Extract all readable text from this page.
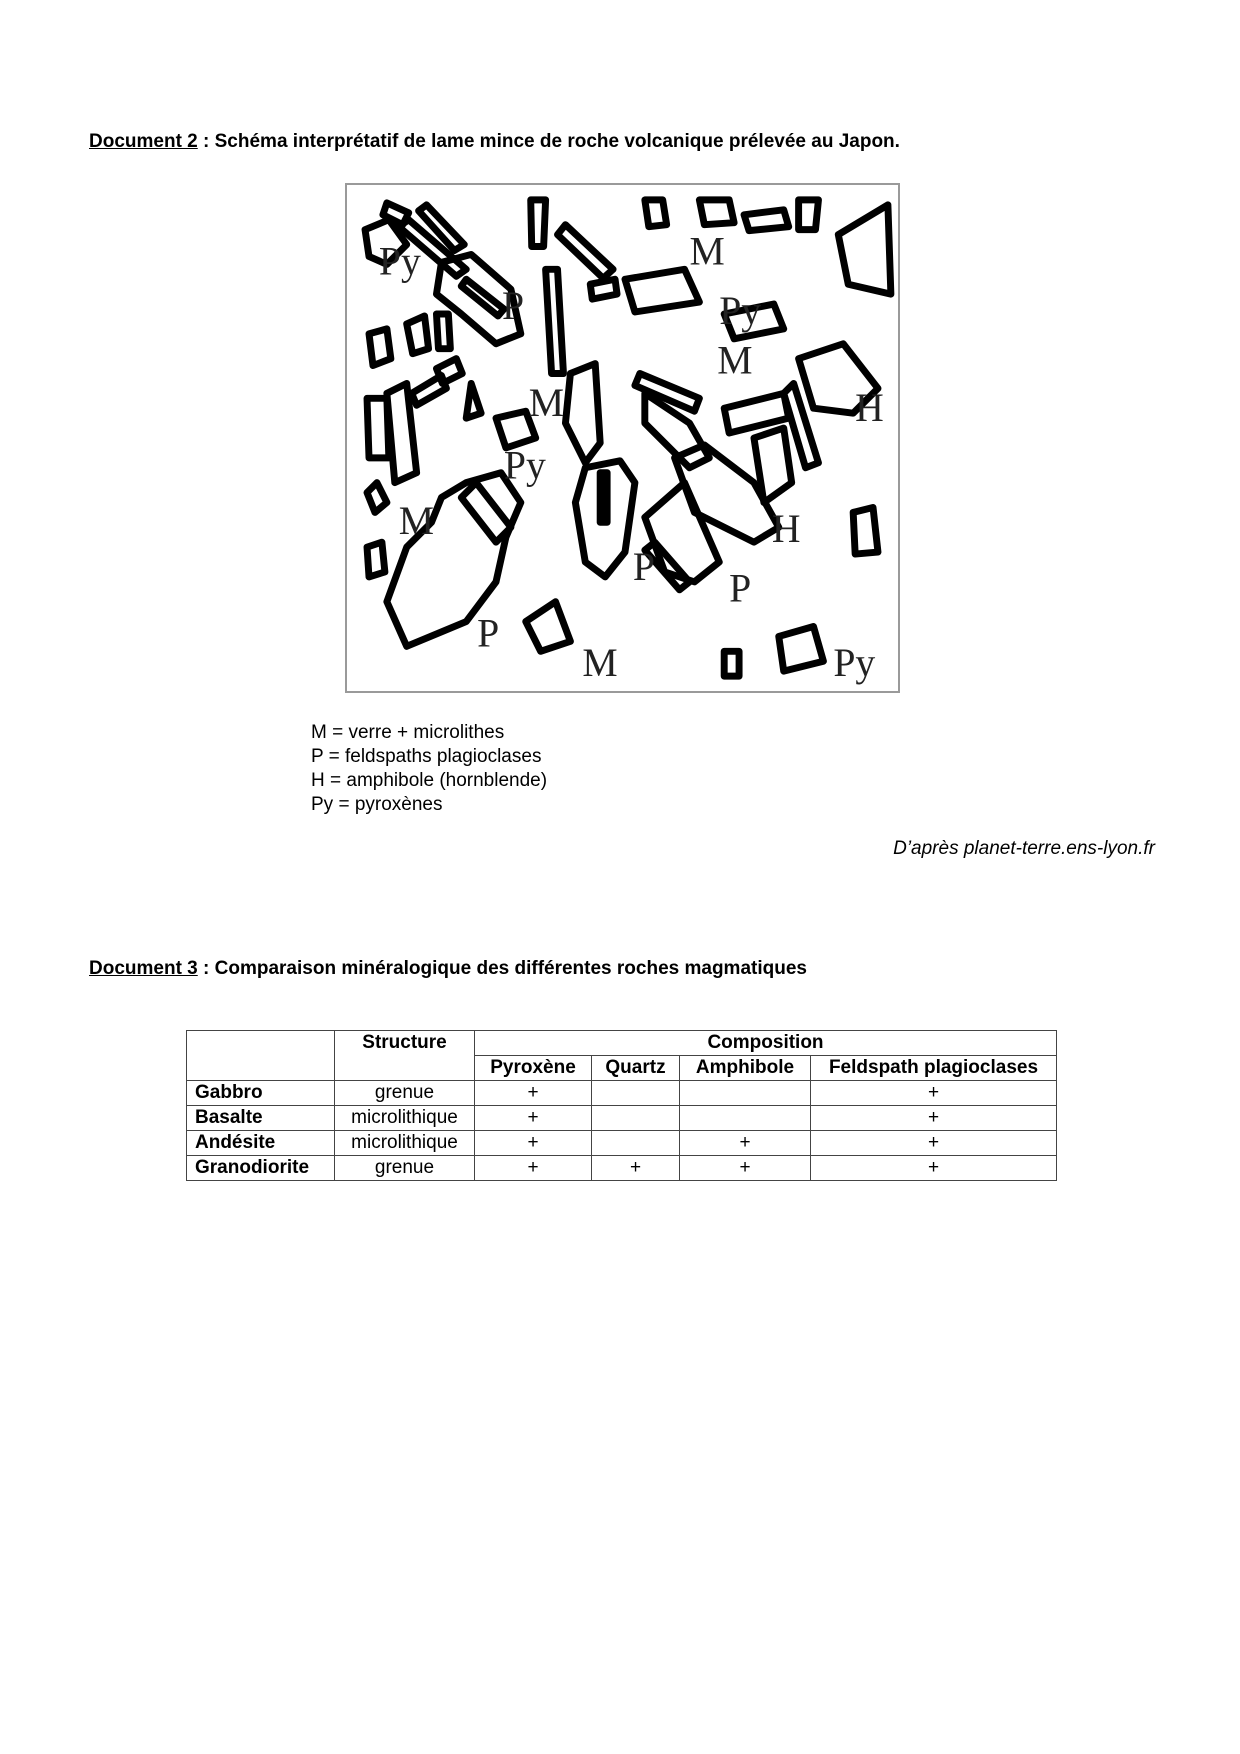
Document 2 : Schéma interprétatif de lame mince de roche volcanique prélevée au Japon.
Py
P
M
Py
M
M
Py
H
M	H
P P
P
M	Py
M = verre + microlithes
P = feldspaths plagioclases
H = amphibole (hornblende)
Py = pyroxènes
D’après planet-terre.ens-lyon.fr
Document 3 : Comparaison minéralogique des différentes roches magmatiques
	Structure	Composition			
		Pyroxène	Quartz	Amphibole	Feldspath plagioclases
Gabbro	grenue	+			+
Basalte	microlithique	+			+
Andésite	microlithique	+		+	+
Granodiorite	grenue	+	+	+	+
